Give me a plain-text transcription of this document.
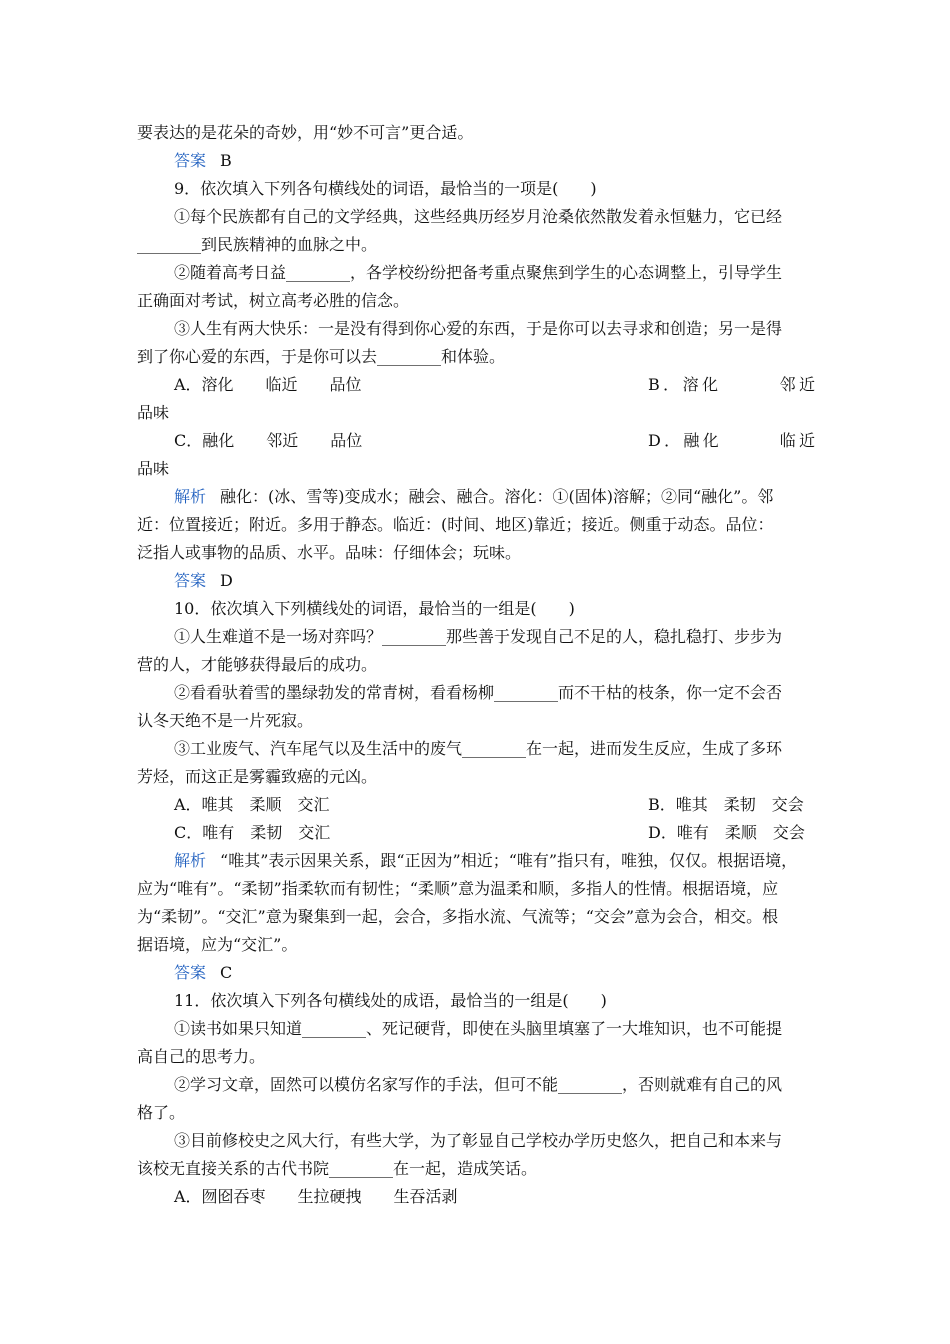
要表达的是花朵的奇妙，用“妙不可言”更合适。
答案 B
9．依次填入下列各句横线处的词语，最恰当的一项是(　　)
①每个民族都有自己的文学经典，这些经典历经岁月沧桑依然散发着永恒魅力，它已经
________到民族精神的血脉之中。
②随着高考日益________，各学校纷纷把备考重点聚焦到学生的心态调整上，引导学生
正确面对考试，树立高考必胜的信念。
③人生有两大快乐：一是没有得到你心爱的东西，于是你可以去寻求和创造；另一是得
到了你心爱的东西，于是你可以去________和体验。
A．溶化　　临近　　品位	B．溶化　　　邻近
品味
C．融化　　邻近　　品位	D．融化　　　临近
品味
解析 融化：(冰、雪等)变成水；融会、融合。溶化：①(固体)溶解；②同“融化”。邻
近：位置接近；附近。多用于静态。临近：(时间、地区)靠近；接近。侧重于动态。品位：
泛指人或事物的品质、水平。品味：仔细体会；玩味。
答案 D
10．依次填入下列横线处的词语，最恰当的一组是(　　)
①人生难道不是一场对弈吗？________那些善于发现自己不足的人，稳扎稳打、步步为
营的人，才能够获得最后的成功。
②看看驮着雪的墨绿勃发的常青树，看看杨柳________而不干枯的枝条，你一定不会否
认冬天绝不是一片死寂。
③工业废气、汽车尾气以及生活中的废气________在一起，进而发生反应，生成了多环
芳烃，而这正是雾霾致癌的元凶。
A．唯其　柔顺　交汇	B．唯其　柔韧　交会
C．唯有　柔韧　交汇	D．唯有　柔顺　交会
解析 “唯其”表示因果关系，跟“正因为”相近；“唯有”指只有，唯独，仅仅。根据语境，
应为“唯有”。“柔韧”指柔软而有韧性；“柔顺”意为温柔和顺，多指人的性情。根据语境，应
为“柔韧”。“交汇”意为聚集到一起，会合，多指水流、气流等；“交会”意为会合，相交。根
据语境，应为“交汇”。
答案 C
11．依次填入下列各句横线处的成语，最恰当的一组是(　　)
①读书如果只知道________、死记硬背，即使在头脑里填塞了一大堆知识，也不可能提
高自己的思考力。
②学习文章，固然可以模仿名家写作的手法，但可不能________，否则就难有自己的风
格了。
③目前修校史之风大行，有些大学，为了彰显自己学校办学历史悠久，把自己和本来与
该校无直接关系的古代书院________在一起，造成笑话。
A．囫囵吞枣　　生拉硬拽　　生吞活剥
